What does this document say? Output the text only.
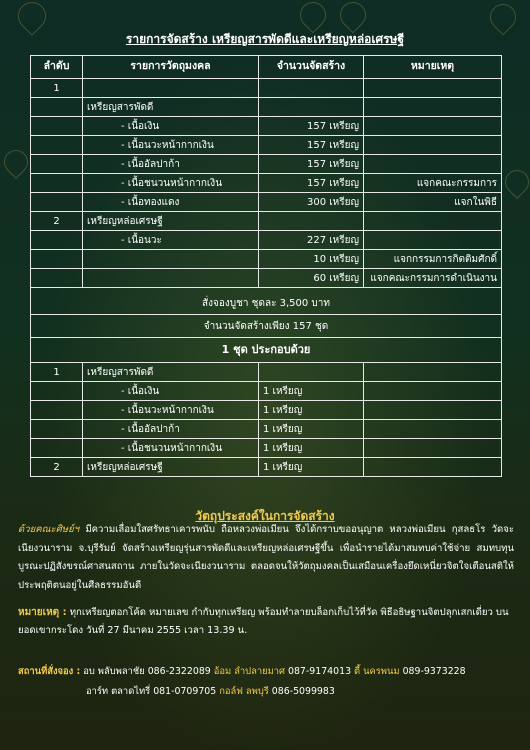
รายการจัดสร้าง เหรียญสารพัดดีและเหรียญหล่อเศรษฐี
ลำดับ	รายการวัตถุมงคล	จำนวนจัดสร้าง	หมายเหตุ
1			
	เหรียญสารพัดดี		
	- เนื้อเงิน	157 เหรียญ	
	- เนื้อนวะหน้ากากเงิน	157 เหรียญ	
	- เนื้ออัลปาก้า	157 เหรียญ	
	- เนื้อชนวนหน้ากากเงิน	157 เหรียญ	แจกคณะกรรมการ
	- เนื้อทองแดง	300 เหรียญ	แจกในพิธี
2	เหรียญหล่อเศรษฐี		
	- เนื้อนวะ	227 เหรียญ	
		10 เหรียญ	แจกกรรมการกิตติมศักดิ์
		60 เหรียญ	แจกคณะกรรมการดำเนินงาน
สั่งจองบูชา ชุดละ 3,500 บาท			
จำนวนจัดสร้างเพียง 157 ชุด			
1 ชุด ประกอบด้วย			
1	เหรียญสารพัดดี		
	- เนื้อเงิน	1 เหรียญ	
	- เนื้อนวะหน้ากากเงิน	1 เหรียญ	
	- เนื้ออัลปาก้า	1 เหรียญ	
	- เนื้อชนวนหน้ากากเงิน	1 เหรียญ	
2	เหรียญหล่อเศรษฐี	1 เหรียญ	
วัตถุประสงค์ในการจัดสร้าง
ด้วยคณะศิษย์ฯ มีความเลื่อมใสศรัทธาเคารพนับ ถือหลวงพ่อเมียน จึงได้กราบขออนุญาต หลวงพ่อเมียน กุสลธโร วัดจะเนียงวนาราม จ.บุรีรัมย์ จัดสร้างเหรียญรุ่นสารพัดดีและเหรียญหล่อเศรษฐีขึ้น เพื่อนำรายได้มาสมทบค่าใช้จ่าย สมทบทุนบูรณะปฏิสังขรณ์ศาสนสถาน ภายในวัดจะเนียงวนาราม ตลอดจนให้วัตถุมงคลเป็นเสมือนเครื่องยึดเหนี่ยวจิตใจเตือนสติให้ประพฤติตนอยู่ในศีลธรรมอันดี
หมายเหตุ : ทุกเหรียญตอกโค้ด หมายเลข กำกับทุกเหรียญ พร้อมทำลายบล็อกเก็บไว้ที่วัด พิธีอธิษฐานจิตปลุกเสกเดี่ยว บนยอดเขากระโดง วันที่ 27 มีนาคม 2555 เวลา 13.39 น.
สถานที่สั่งจอง : อบ พลับพลาชัย 086-2322089 อ้อม ลำปลายมาศ 087-9174013 ตี้ นครพนม 089-9373228
อาร์ท ตลาดไทรี่ 081-0709705 กอล์ฟ ลพบุรี 086-5099983
